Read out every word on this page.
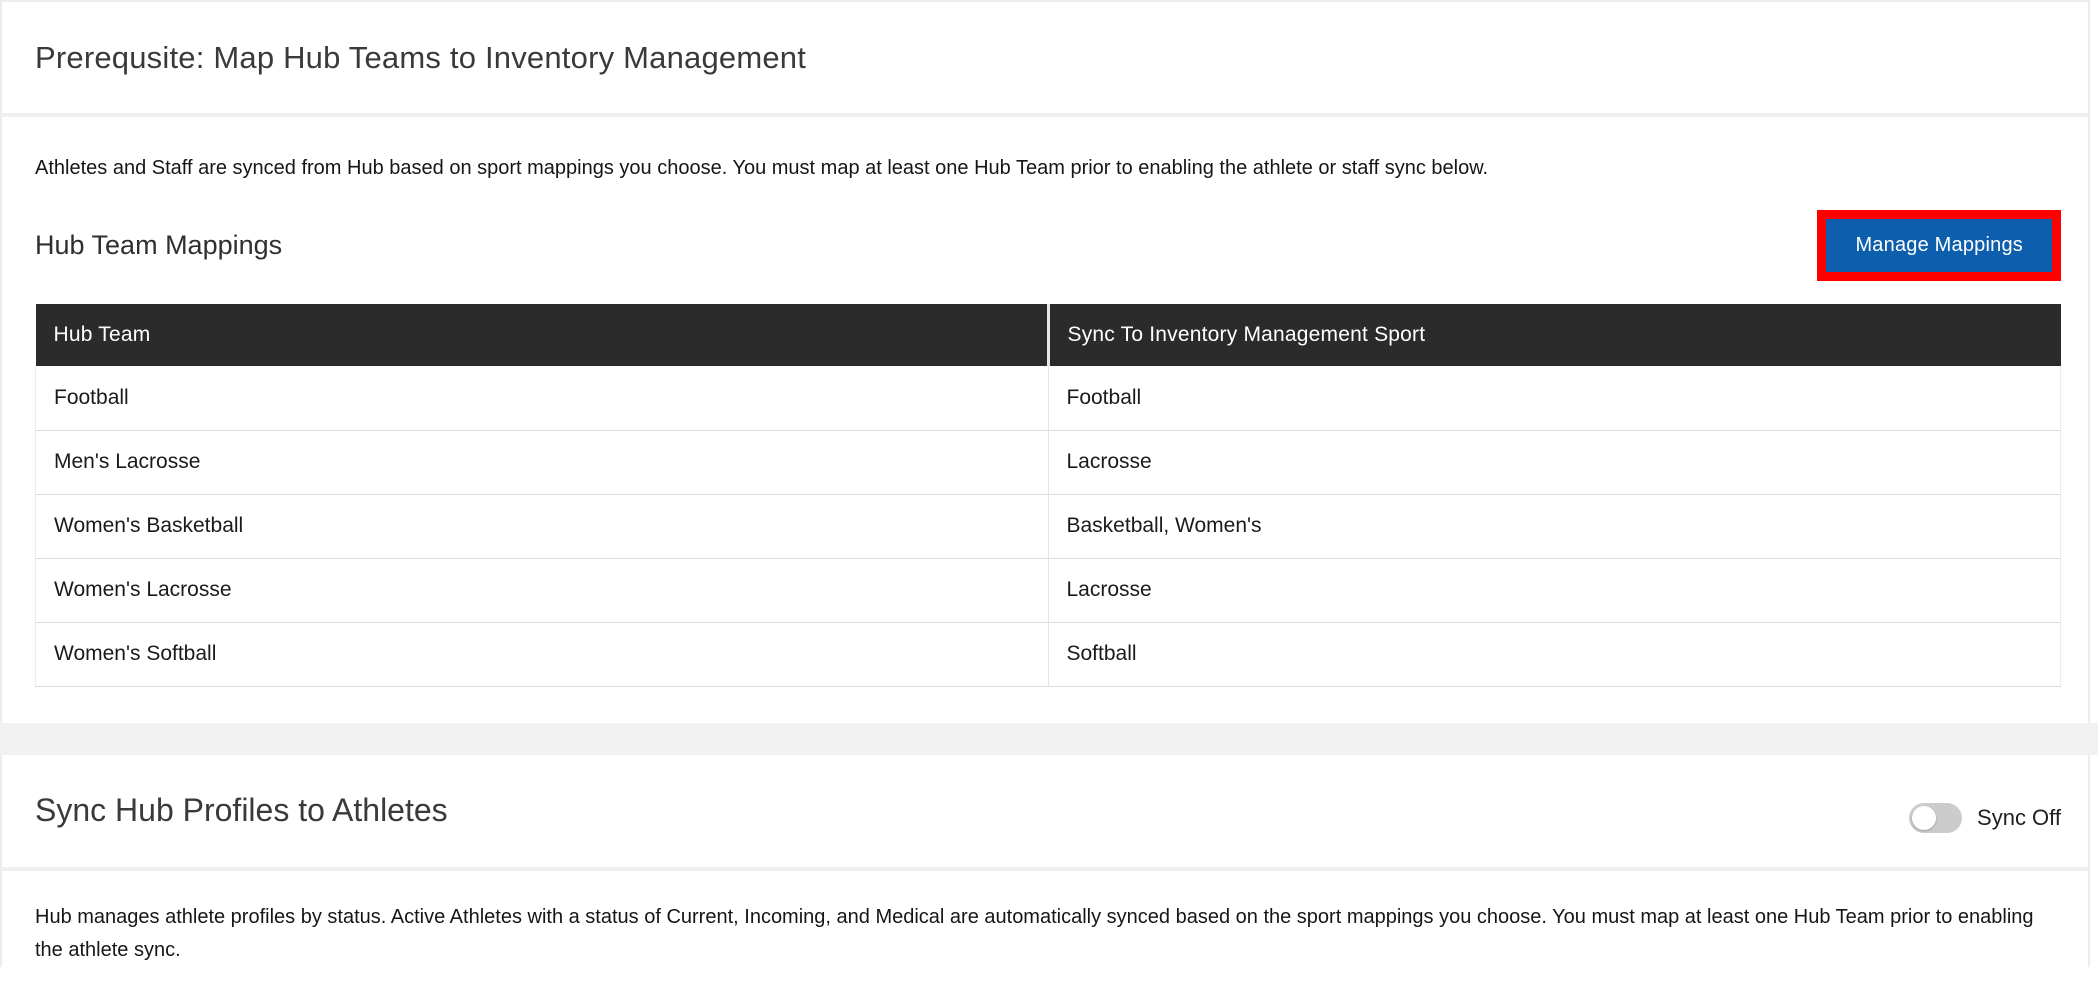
Prerequsite: Map Hub Teams to Inventory Management

Athletes and Staff are synced from Hub based on sport mappings you choose. You must map at least one Hub Team prior to enabling the athlete or staff sync below.

Hub Team Mappings	Manage Mappings
Hub Team	Sync To Inventory Management Sport
Football	Football
Men's Lacrosse	Lacrosse
Women's Basketball	Basketball, Women's
Women's Lacrosse	Lacrosse
Women's Softball	Softball
Sync Hub Profiles to Athletes	Sync Off

Hub manages athlete profiles by status. Active Athletes with a status of Current, Incoming, and Medical are automatically synced based on the sport mappings you choose. You must map at least one Hub Team prior to enabling the athlete sync.
